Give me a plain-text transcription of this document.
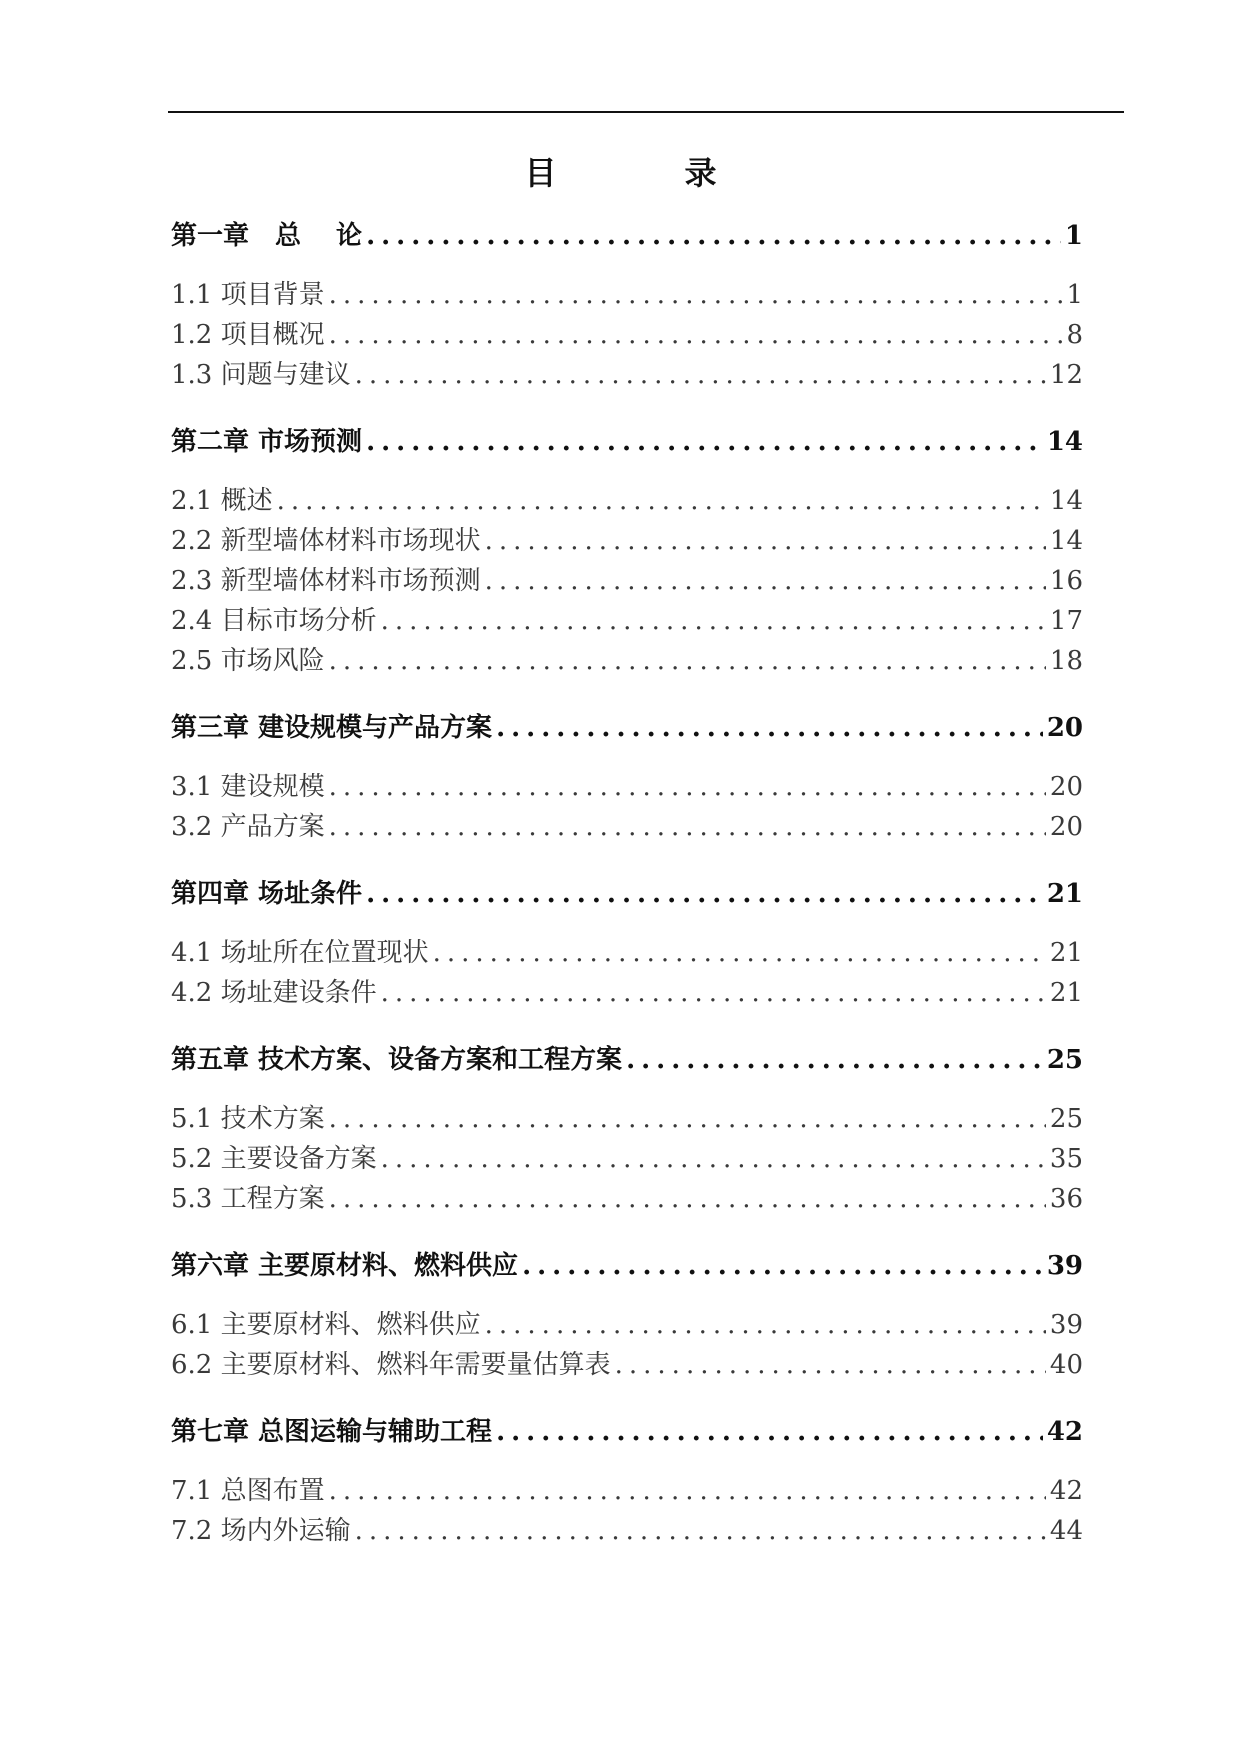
目　录
第一章　总　 论 .....	1
1.1 项目背景 .....	1
1.2 项目概况 .....	8
1.3 问题与建议 .....	12
第二章 市场预测 .....	14
2.1 概述 .....	14
2.2 新型墙体材料市场现状 .....	14
2.3 新型墙体材料市场预测 .....	16
2.4 目标市场分析 .....	17
2.5 市场风险 .....	18
第三章 建设规模与产品方案 .....	20
3.1 建设规模 .....	20
3.2 产品方案 .....	20
第四章 场址条件 .....	21
4.1 场址所在位置现状 .....	21
4.2 场址建设条件 .....	21
第五章 技术方案、设备方案和工程方案 .....	25
5.1 技术方案 .....	25
5.2 主要设备方案 .....	35
5.3 工程方案 .....	36
第六章 主要原材料、燃料供应 .....	39
6.1 主要原材料、燃料供应 .....	39
6.2 主要原材料、燃料年需要量估算表 .....	40
第七章 总图运输与辅助工程 .....	42
7.1 总图布置 .....	42
7.2 场内外运输 .....	44
